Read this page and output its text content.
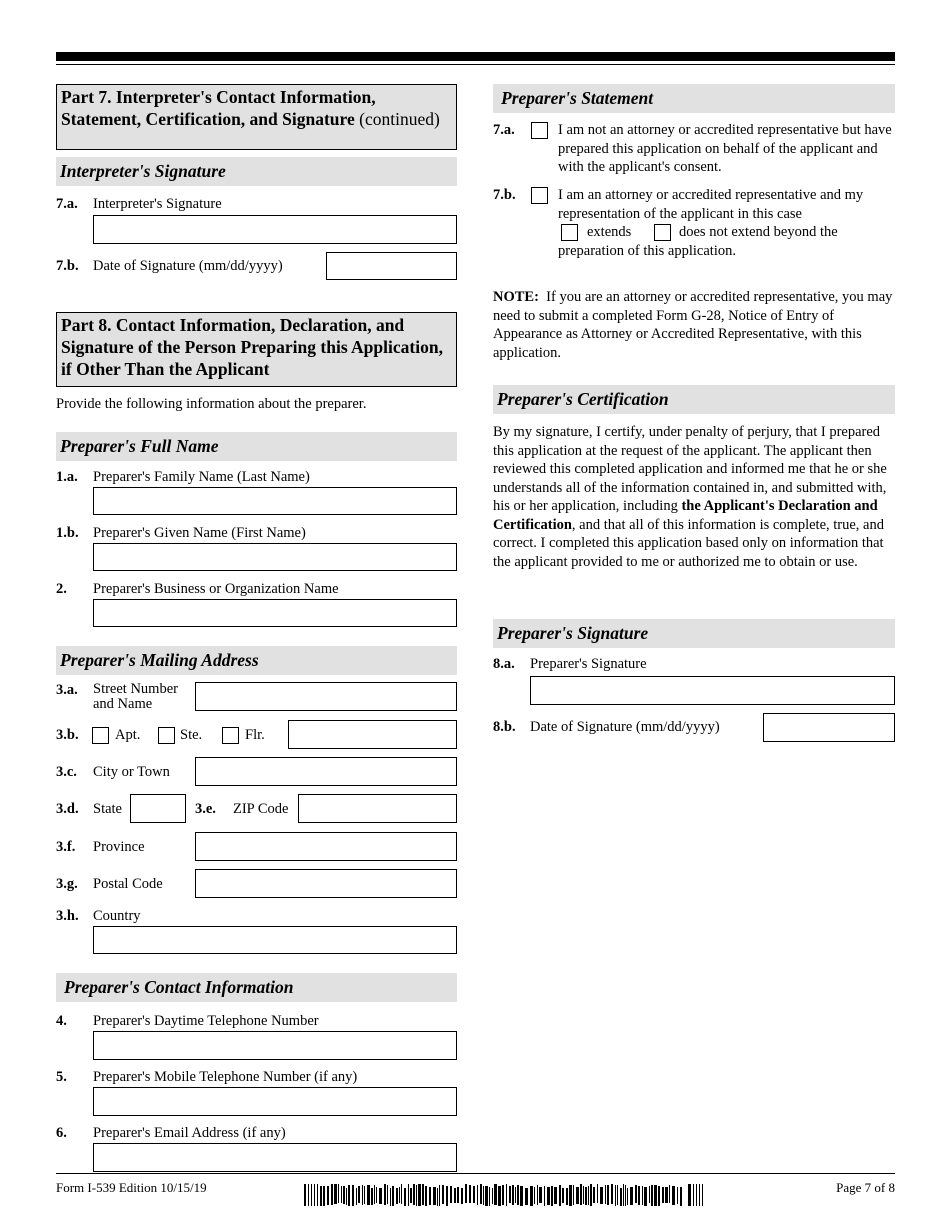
Part 7. Interpreter's Contact Information, Statement, Certification, and Signature (continued)
Interpreter's Signature
7.a. Interpreter's Signature
7.b. Date of Signature (mm/dd/yyyy)
Part 8. Contact Information, Declaration, and Signature of the Person Preparing this Application, if Other Than the Applicant
Provide the following information about the preparer.
Preparer's Full Name
1.a. Preparer's Family Name (Last Name)
1.b. Preparer's Given Name (First Name)
2. Preparer's Business or Organization Name
Preparer's Mailing Address
3.a. Street Number
and Name
3.b.	Apt.	Ste.	Flr.
3.c. City or Town
3.d. State	3.e. ZIP Code
3.f. Province
3.g. Postal Code
3.h. Country
Preparer's Contact Information
4. Preparer's Daytime Telephone Number
5. Preparer's Mobile Telephone Number (if any)
6. Preparer's Email Address (if any)
Preparer's Statement
7.a.	I am not an attorney or accredited representative but have prepared this application on behalf of the applicant and with the applicant's consent.
7.b.	I am an attorney or accredited representative and my representation of the applicant in this case
extends	does not extend beyond the
preparation of this application.
NOTE: If you are an attorney or accredited representative, you may need to submit a completed Form G-28, Notice of Entry of Appearance as Attorney or Accredited Representative, with this application.
Preparer's Certification
By my signature, I certify, under penalty of perjury, that I prepared this application at the request of the applicant. The applicant then reviewed this completed application and informed me that he or she understands all of the information contained in, and submitted with, his or her application, including the Applicant's Declaration and Certification, and that all of this information is complete, true, and correct. I completed this application based only on information that the applicant provided to me or authorized me to obtain or use.
Preparer's Signature
8.a. Preparer's Signature
8.b. Date of Signature (mm/dd/yyyy)
Form I-539 Edition 10/15/19	Page 7 of 8
